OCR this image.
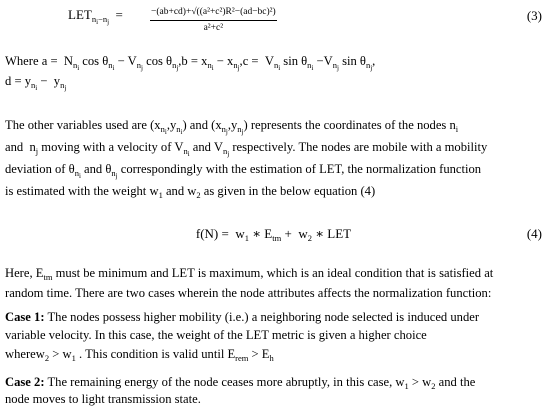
$LET_{n_i-n_j}$  =	$\frac{\text{−(ab+cd)+√((a²+c²)R²−(ad−bc)²)}}{\text{a²+c²}}$	(3)
Where $a = N_{n_i}$ $\cos \theta_{n_i} - V_{n_j}$ $\cos \theta_{n_j},b = x_{n_i} - x_{n_j},c = V_{n_i}$ $\sin \theta_{n_i} -V_{n_j}$ $\sin \theta_{n_j}$,
$d = y_{n_i} - y_{n_j}$
The other variables used are $(x_{n_i},y_{n_i})$ and $(x_{n_j},y_{n_j})$ represents the coordinates of the nodes $n_i$
and  $n_j$ moving with a velocity of $V_{n_i}$ and $V_{n_j}$ respectively. The nodes are mobile with a mobility
deviation of $\theta_{n_i}$ and $\theta_{n_j}$ correspondingly with the estimation of LET, the normalization function
is estimated with the weight $w_1$ and $w_2$ as given in the below equation (4)
$f(N) = w_1$ ∗ $E_{tm} + w_2$ ∗ LET	(4)
Here, $E_{tm}$ must be minimum and LET is maximum, which is an ideal condition that is satisfied at
random time. There are two cases wherein the node attributes affects the normalization function:
Case 1: The nodes possess higher mobility (i.e.) a neighboring node selected is induced under
variable velocity. In this case, the weight of the LET metric is given a higher choice
wherew$_2$ > $w_1$ . This condition is valid until $E_{rem} > E_h$
Case 2: The remaining energy of the node ceases more abruptly, in this case, $w_1 > w_2$ and the
node moves to light transmission state.
